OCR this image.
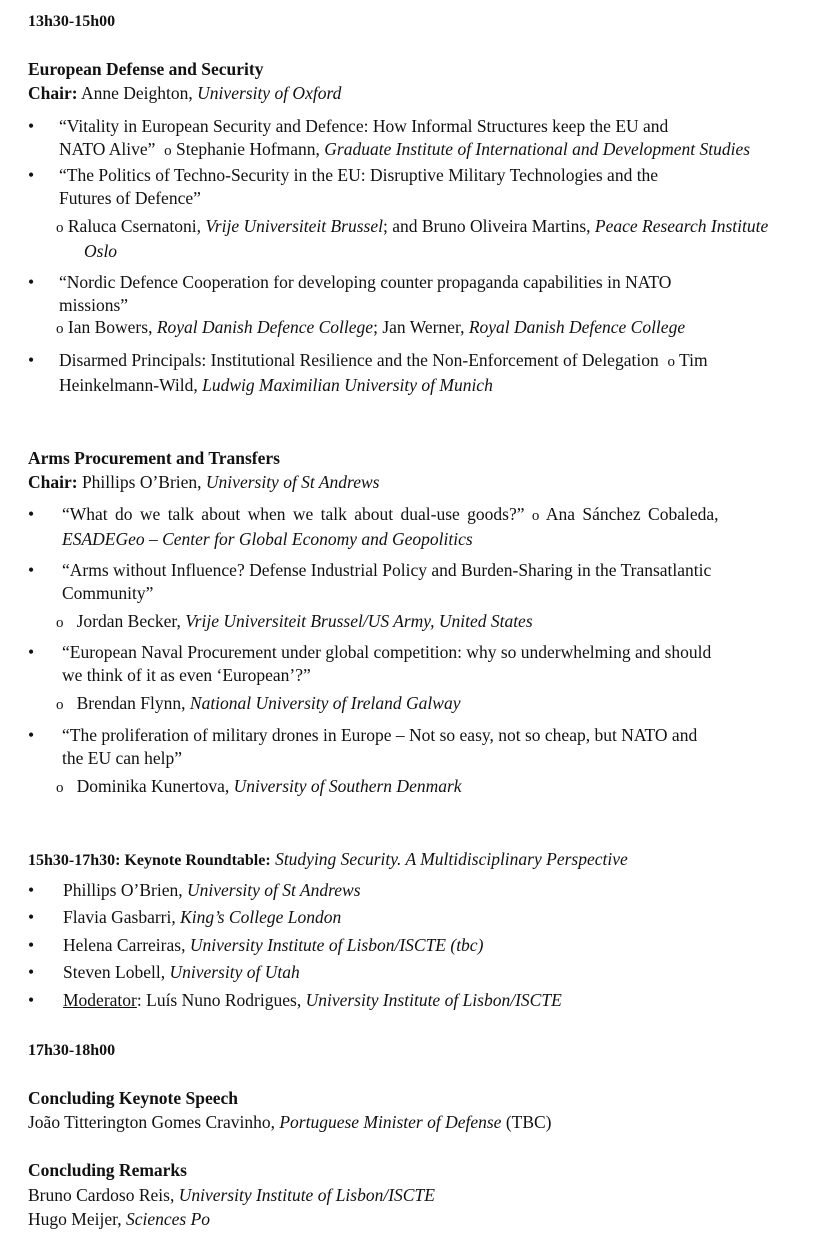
13h30-15h00
European Defense and Security
Chair: Anne Deighton, University of Oxford
•	“Vitality in European Security and Defence: How Informal Structures keep the EU and
NATO Alive” o Stephanie Hofmann, Graduate Institute of International and Development Studies
•	“The Politics of Techno-Security in the EU: Disruptive Military Technologies and the
Futures of Defence”
o Raluca Csernatoni, Vrije Universiteit Brussel; and Bruno Oliveira Martins, Peace Research Institute
Oslo
•	“Nordic Defence Cooperation for developing counter propaganda capabilities in NATO
missions”
o Ian Bowers, Royal Danish Defence College; Jan Werner, Royal Danish Defence College
•	Disarmed Principals: Institutional Resilience and the Non-Enforcement of Delegation o Tim
Heinkelmann-Wild, Ludwig Maximilian University of Munich
Arms Procurement and Transfers
Chair: Phillips O’Brien, University of St Andrews
•	“What do we talk about when we talk about dual-use goods?” o Ana Sánchez Cobaleda,
ESADEGeo – Center for Global Economy and Geopolitics
•	“Arms without Influence? Defense Industrial Policy and Burden-Sharing in the Transatlantic
Community”
o Jordan Becker, Vrije Universiteit Brussel/US Army, United States
•	“European Naval Procurement under global competition: why so underwhelming and should
we think of it as even ‘European’?”
o Brendan Flynn, National University of Ireland Galway
•	“The proliferation of military drones in Europe – Not so easy, not so cheap, but NATO and
the EU can help”
o Dominika Kunertova, University of Southern Denmark
15h30-17h30: Keynote Roundtable: Studying Security. A Multidisciplinary Perspective
•	Phillips O’Brien, University of St Andrews
•	Flavia Gasbarri, King’s College London
•	Helena Carreiras, University Institute of Lisbon/ISCTE (tbc)
•	Steven Lobell, University of Utah
•	Moderator: Luís Nuno Rodrigues, University Institute of Lisbon/ISCTE
17h30-18h00
Concluding Keynote Speech
João Titterington Gomes Cravinho, Portuguese Minister of Defense (TBC)
Concluding Remarks
Bruno Cardoso Reis, University Institute of Lisbon/ISCTE
Hugo Meijer, Sciences Po
